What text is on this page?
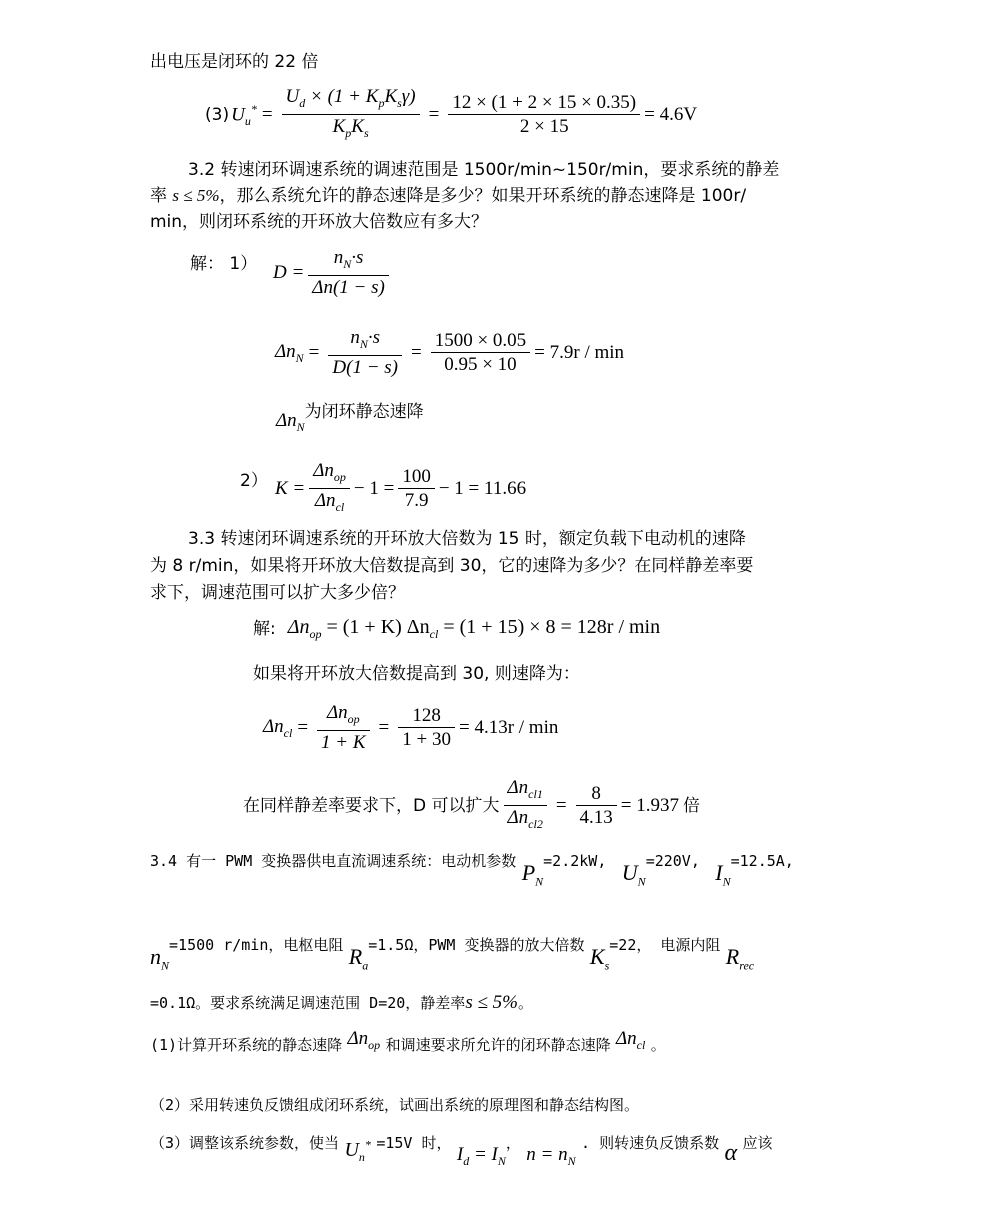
出电压是闭环的 22 倍
(3) $U_u^* = \frac{U_d \times (1 + K_pK_s\gamma)}{K_pK_s} = \frac{12 \times (1 + 2 \times 15 \times 0.35)}{2 \times 15} = 4.6V$
3.2 转速闭环调速系统的调速范围是 1500r/min~150r/min，要求系统的静差
率 s ≤ 5%，那么系统允许的静态速降是多少？如果开环系统的静态速降是 100r/
min，则闭环系统的开环放大倍数应有多大？
解： 1） $D = \frac{n_N\cdot s}{\Delta n(1 - s)}$
$\Delta n_N = \frac{n_N\cdot s}{D(1 - s)} = \frac{1500 \times 0.05}{0.95 \times 10} = 7.9r / \min$
$\Delta n_N$
为闭环静态速降
2） $K = \frac{\Delta n_{op}}{\Delta n_{cl}} - 1 = \frac{100}{7.9} - 1 = 11.66$
3.3 转速闭环调速系统的开环放大倍数为 15 时，额定负载下电动机的速降
为 8 r/min，如果将开环放大倍数提高到 30，它的速降为多少？在同样静差率要
求下，调速范围可以扩大多少倍？
解: $\Delta n_{op} = (1 + K) \Delta n_{cl} = (1 + 15) \times 8 = 128r / \min$
如果将开环放大倍数提高到 30, 则速降为：
$\Delta n_{cl} = \frac{\Delta n_{op}}{1 + K} = \frac{128}{1 + 30} = 4.13r / \min$
在同样静差率要求下，D 可以扩大 $\frac{\Delta n_{cl1}}{\Delta n_{cl2}} = \frac{8}{4.13} = 1.937$ 倍
3.4 有一 PWM 变换器供电直流调速系统：电动机参数 $P_N=2.2kW$, $U_N=220V$, $I_N=12.5A$,
$n_N=1500$ r/min，电枢电阻 $R_a=1.5\Omega$，PWM 变换器的放大倍数 $K_s=22$， 电源内阻 $R_{rec}$
=0.1Ω。要求系统满足调速范围 D=20，静差率s ≤ 5%。
(1)计算开环系统的静态速降 $\Delta n_{op}$ 和调速要求所允许的闭环静态速降 $\Delta n_{cl}$ 。
（2）采用转速负反馈组成闭环系统，试画出系统的原理图和静态结构图。
（3）调整该系统参数，使当 $U_n^* =15V$ 时， $I_d = I_N$， $n = n_N$ . 则转速负反馈系数 α 应该
